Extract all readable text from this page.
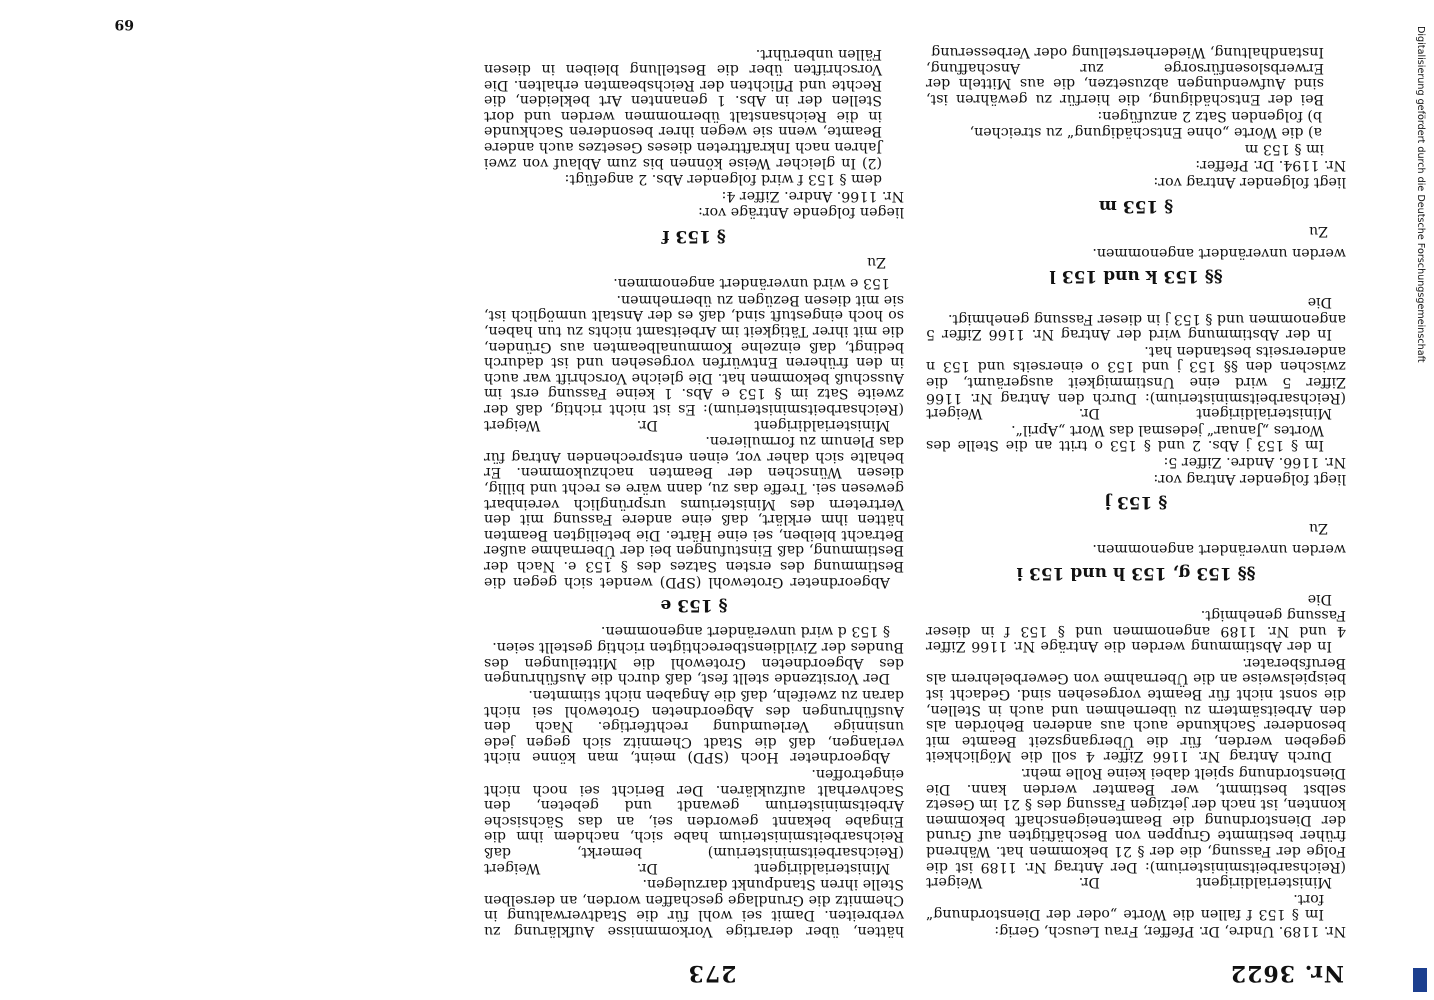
Nr. 3622
273

Nr. 1189. Undre, Dr. Pfeffer, Frau Leusch, Gerig:

Im § 153 f fallen die Worte „oder der Dienstordnung“ fort.

Ministerialdirigent Dr. Weigert (Reichsarbeitsministerium): Der Antrag Nr. 1189 ist die Folge der Fassung, die der § 21 bekommen hat. Während früher bestimmte Gruppen von Beschäftigten auf Grund der Dienstordnung die Beamteneigenschaft bekommen konnten, ist nach der jetzigen Fassung des § 21 im Gesetz selbst bestimmt, wer Beamter werden kann. Die Dienstordnung spielt dabei keine Rolle mehr.

Durch Antrag Nr. 1166 Ziffer 4 soll die Möglichkeit gegeben werden, für die Übergangszeit Beamte mit besonderer Sachkunde auch aus anderen Behörden als den Arbeitsämtern zu übernehmen und auch in Stellen, die sonst nicht für Beamte vorgesehen sind. Gedacht ist beispielsweise an die Übernahme von Gewerbelehrern als Berufsberater.

In der Abstimmung werden die Anträge Nr. 1166 Ziffer 4 und Nr. 1189 angenommen und § 153 f in dieser Fassung genehmigt.

Die

§§ 153 g, 153 h und 153 i

werden unverändert angenommen.

Zu

§ 153 j

liegt folgender Antrag vor:

Nr. 1166. Andre. Ziffer 5:

Im § 153 j Abs. 2 und § 153 o tritt an die Stelle des Wortes „Januar“ jedesmal das Wort „April“.

Ministerialdirigent Dr. Weigert (Reichsarbeitsministerium): Durch den Antrag Nr. 1166 Ziffer 5 wird eine Unstimmigkeit ausgeräumt, die zwischen den §§ 153 j und 153 o einerseits und 153 n andererseits bestanden hat.

In der Abstimmung wird der Antrag Nr. 1166 Ziffer 5 angenommen und § 153 j in dieser Fassung genehmigt.

Die

§§ 153 k und 153 l

werden unverändert angenommen.

Zu

§ 153 m

liegt folgender Antrag vor:

Nr. 1194. Dr. Pfeffer:

im § 153 m

a) die Worte „ohne Entschädigung“ zu streichen,

b) folgenden Satz 2 anzufügen:

Bei der Entschädigung, die hierfür zu gewähren ist, sind Aufwendungen abzusetzen, die aus Mitteln der Erwerbslosenfürsorge zur Anschaffung, Instandhaltung, Wiederherstellung oder Verbesserung

hätten, über derartige Vorkommnisse Aufklärung zu verbreiten. Damit sei wohl für die Stadtverwaltung in Chemnitz die Grundlage geschaffen worden, an derselben Stelle ihren Standpunkt darzulegen.

Ministerialdirigent Dr. Weigert (Reichsarbeitsministerium) bemerkt, daß Reichsarbeitsministerium habe sich, nachdem ihm die Eingabe bekannt geworden sei, an das Sächsische Arbeitsministerium gewandt und gebeten, den Sachverhalt aufzuklären. Der Bericht sei noch nicht eingetroffen.

Abgeordneter Hoch (SPD) meint, man könne nicht verlangen, daß die Stadt Chemnitz sich gegen jede unsinnige Verleumdung rechtfertige. Nach den Ausführungen des Abgeordneten Grotewohl sei nicht daran zu zweifeln, daß die Angaben nicht stimmten.

Der Vorsitzende stellt fest, daß durch die Ausführungen des Abgeordneten Grotewohl die Mitteilungen des Bundes der Zivildienstberechtigten richtig gestellt seien.

§ 153 d wird unverändert angenommen.

§ 153 e

Abgeordneter Grotewohl (SPD) wendet sich gegen die Bestimmung des ersten Satzes des § 153 e. Nach der Bestimmung, daß Einstufungen bei der Übernahme außer Betracht bleiben, sei eine Härte. Die beteiligten Beamten hätten ihm erklärt, daß eine andere Fassung mit den Vertretern des Ministeriums ursprünglich vereinbart gewesen sei. Treffe das zu, dann wäre es recht und billig, diesen Wünschen der Beamten nachzukommen. Er behalte sich daher vor, einen entsprechenden Antrag für das Plenum zu formulieren.

Ministerialdirigent Dr. Weigert (Reichsarbeitsministerium): Es ist nicht richtig, daß der zweite Satz im § 153 e Abs. 1 keine Fassung erst im Ausschuß bekommen hat. Die gleiche Vorschrift war auch in den früheren Entwürfen vorgesehen und ist dadurch bedingt, daß einzelne Kommunalbeamten aus Gründen, die mit ihrer Tätigkeit im Arbeitsamt nichts zu tun haben, so hoch eingestuft sind, daß es der Anstalt unmöglich ist, sie mit diesen Bezügen zu übernehmen.

153 e wird unverändert angenommen.

Zu

§ 153 f

liegen folgende Anträge vor:

Nr. 1166. Andre. Ziffer 4:

dem § 153 f wird folgender Abs. 2 angefügt:

(2) In gleicher Weise können bis zum Ablauf von zwei Jahren nach Inkrafttreten dieses Gesetzes auch andere Beamte, wenn sie wegen ihrer besonderen Sachkunde in die Reichsanstalt übernommen werden und dort Stellen der in Abs. 1 genannten Art bekleiden, die Rechte und Pflichten der Reichsbeamten erhalten. Die Vorschriften über die Bestellung bleiben in diesen Fällen unberührt.

69
Digitalisierung gefördert durch die Deutsche Forschungsgemeinschaft
